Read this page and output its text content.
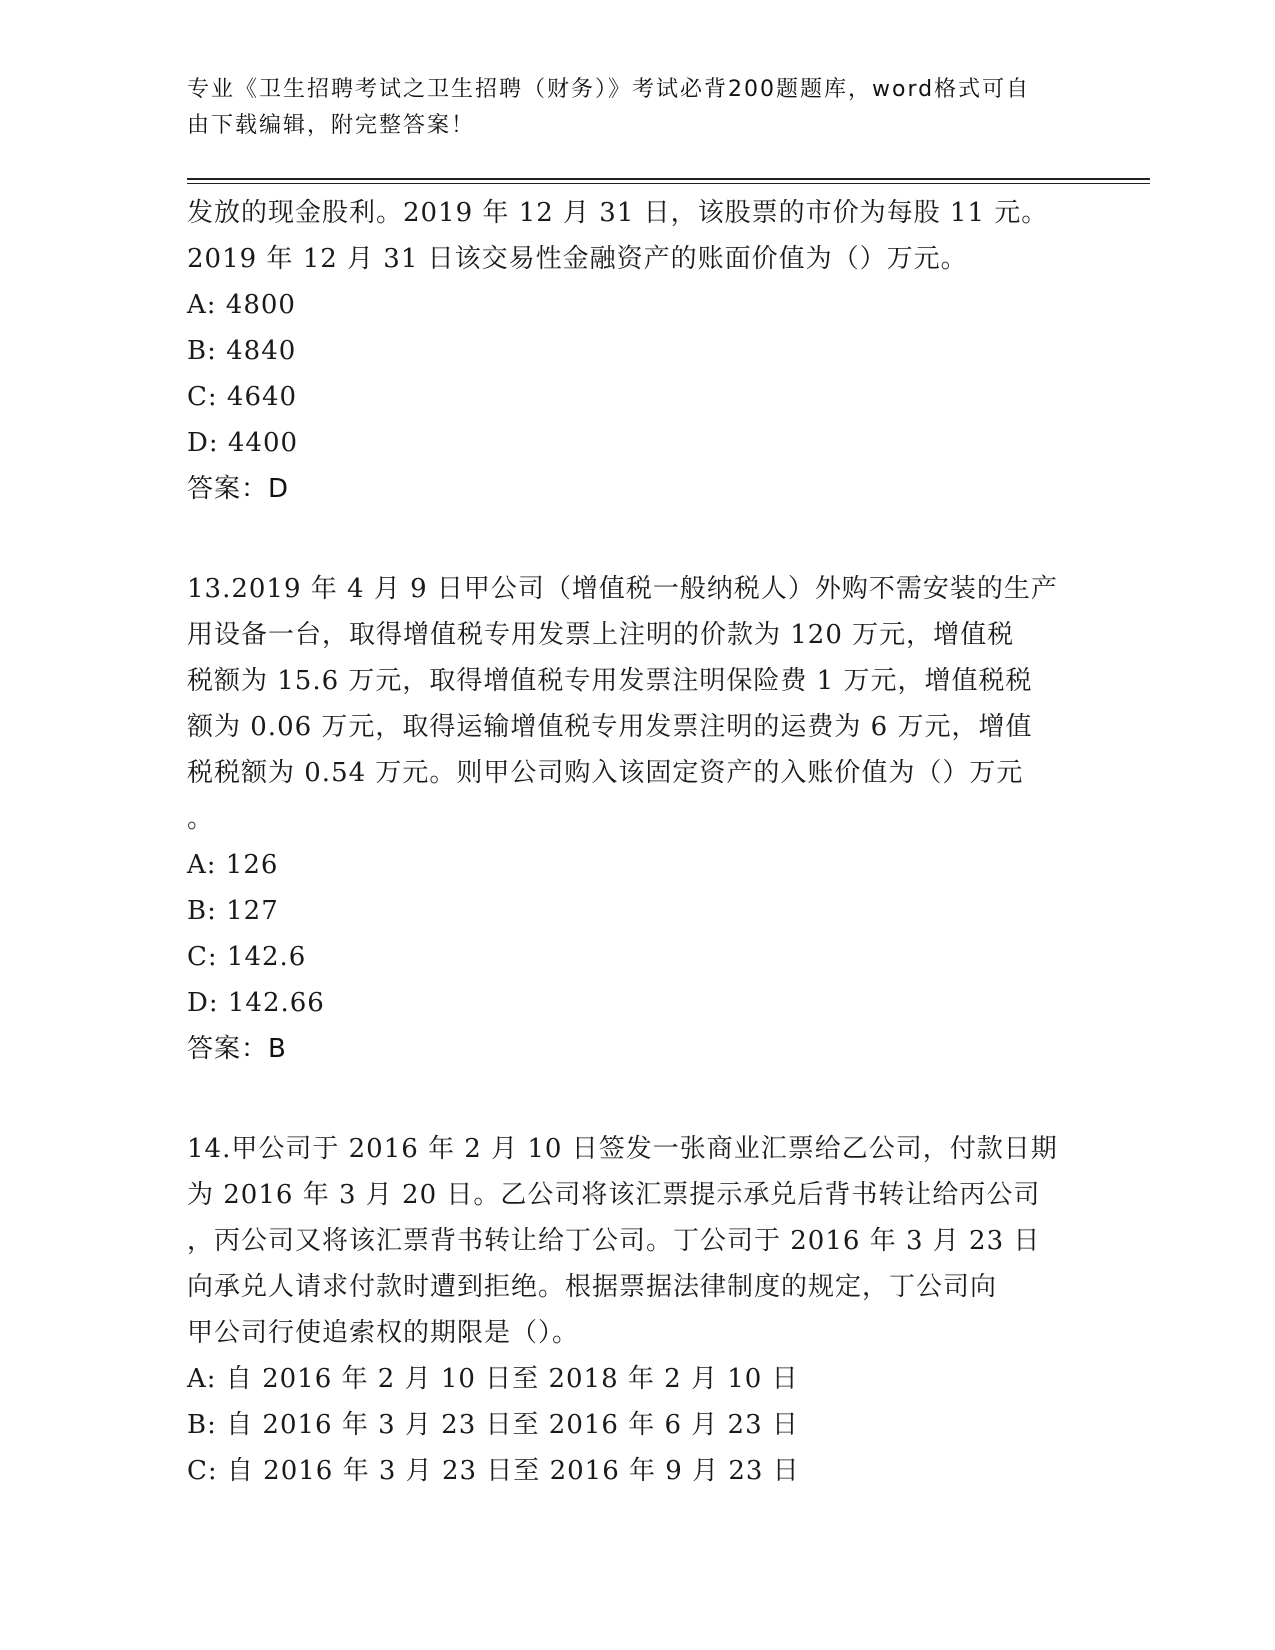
专业《卫生招聘考试之卫生招聘（财务）》考试必背200题题库，word格式可自
由下载编辑，附完整答案！

发放的现金股利。2019 年 12 月 31 日，该股票的市价为每股 11 元。

2019 年 12 月 31 日该交易性金融资产的账面价值为（）万元。

A: 4800

B: 4840

C: 4640

D: 4400

答案：D

13.2019 年 4 月 9 日甲公司（增值税一般纳税人）外购不需安装的生产

用设备一台，取得增值税专用发票上注明的价款为 120 万元，增值税

税额为 15.6 万元，取得增值税专用发票注明保险费 1 万元，增值税税

额为 0.06 万元，取得运输增值税专用发票注明的运费为 6 万元，增值

税税额为 0.54 万元。则甲公司购入该固定资产的入账价值为（）万元

。

A: 126

B: 127

C: 142.6

D: 142.66

答案：B

14.甲公司于 2016 年 2 月 10 日签发一张商业汇票给乙公司，付款日期

为 2016 年 3 月 20 日。乙公司将该汇票提示承兑后背书转让给丙公司

，丙公司又将该汇票背书转让给丁公司。丁公司于 2016 年 3 月 23 日

向承兑人请求付款时遭到拒绝。根据票据法律制度的规定，丁公司向

甲公司行使追索权的期限是（）。

A: 自 2016 年 2 月 10 日至 2018 年 2 月 10 日

B: 自 2016 年 3 月 23 日至 2016 年 6 月 23 日

C: 自 2016 年 3 月 23 日至 2016 年 9 月 23 日
